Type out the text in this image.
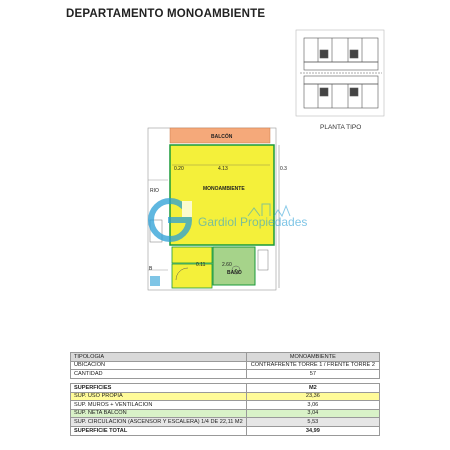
DEPARTAMENTO MONOAMBIENTE
BALCÓN
MONOAMBIENTE
BAÑO
RIO
B
4.13
0.20	0.3
2.60
0.11
PLANTA TIPO
Gardiol Propiedades
TIPOLOGIA	MONOAMBIENTE
UBICACION	CONTRAFRENTE TORRE 1 / FRENTE TORRE 2
CANTIDAD	57

SUPERFICIES	M2
SUP. USO PROPIA	23,36
SUP. MUROS + VENTILACION	3,06
SUP. NETA BALCON	3,04
SUP. CIRCULACION (ASCENSOR Y ESCALERA) 1/4 DE 22,11 M2	5,53
SUPERFICIE TOTAL	34,99
